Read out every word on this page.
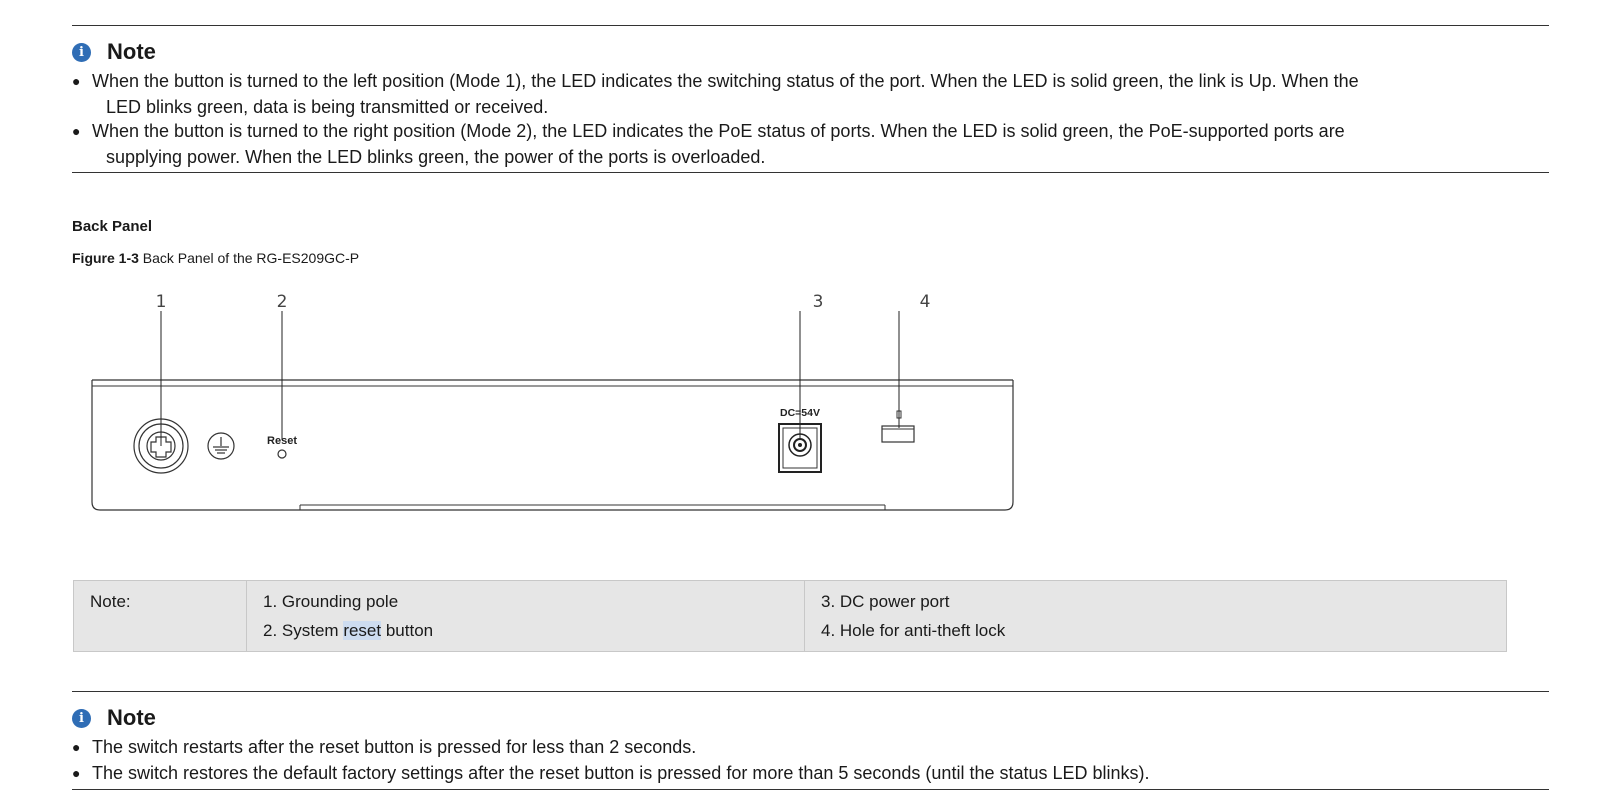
i	Note
● When the button is turned to the left position (Mode 1), the LED indicates the switching status of the port. When the LED is solid green, the link is Up. When the
LED blinks green, data is being transmitted or received.
● When the button is turned to the right position (Mode 2), the LED indicates the PoE status of ports. When the LED is solid green, the PoE-supported ports are
supplying power. When the LED blinks green, the power of the ports is overloaded.
Back Panel
Figure 1-3 Back Panel of the RG-ES209GC-P
1	2	3	4
Reset
DC=54V
Note:	1. Grounding pole
2. System reset button

3. DC power port
4. Hole for anti-theft lock
i	Note
● The switch restarts after the reset button is pressed for less than 2 seconds.
● The switch restores the default factory settings after the reset button is pressed for more than 5 seconds (until the status LED blinks).
